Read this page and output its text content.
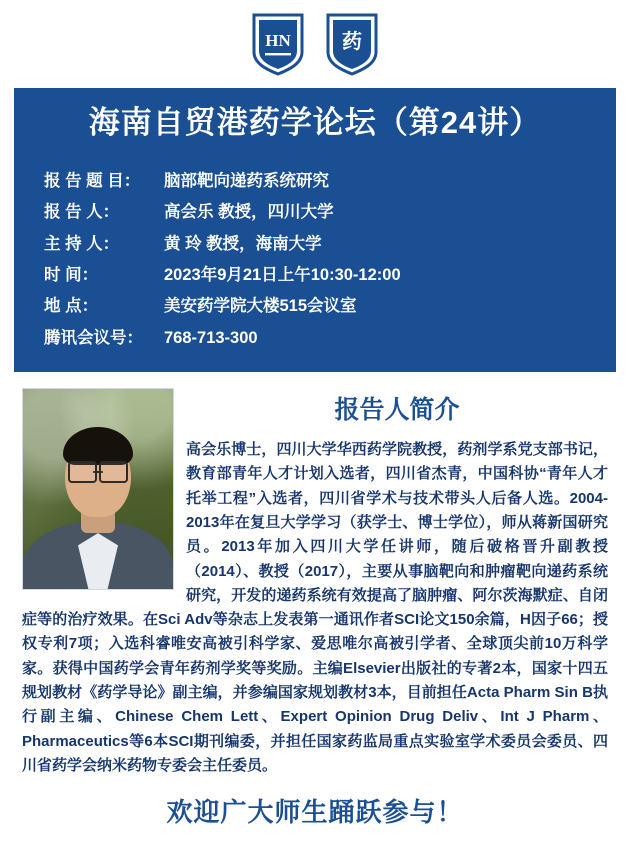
HN	药
海南自贸港药学论坛（第24讲）
报 告 题 目：	脑部靶向递药系统研究
报 告 人：	高会乐 教授，四川大学
主 持 人：	黄 玲 教授，海南大学
时 间：	2023年9月21日上午10:30-12:00
地 点：	美安药学院大楼515会议室
腾讯会议号：	768-713-300
报告人简介
高会乐博士，四川大学华西药学院教授，药剂学系党支部书记，教育部青年人才计划入选者，四川省杰青，中国科协“青年人才托举工程”入选者，四川省学术与技术带头人后备人选。2004-2013年在复旦大学学习（获学士、博士学位），师从蒋新国研究员。2013年加入四川大学任讲师，随后破格晋升副教授（2014）、教授（2017），主要从事脑靶向和肿瘤靶向递药系统研究，开发的递药系统有效提高了脑肿瘤、阿尔茨海默症、自闭症等的治疗效果。在Sci Adv等杂志上发表第一通讯作者SCI论文150余篇，H因子66；授权专利7项；入选科睿唯安高被引科学家、爱思唯尔高被引学者、全球顶尖前10万科学家。获得中国药学会青年药剂学奖等奖励。主编Elsevier出版社的专著2本，国家十四五规划教材《药学导论》副主编，并参编国家规划教材3本，目前担任Acta Pharm Sin B执行副主编、Chinese Chem Lett、Expert Opinion Drug Deliv、Int J Pharm、Pharmaceutics等6本SCI期刊编委，并担任国家药监局重点实验室学术委员会委员、四川省药学会纳米药物专委会主任委员。
欢迎广大师生踊跃参与！
